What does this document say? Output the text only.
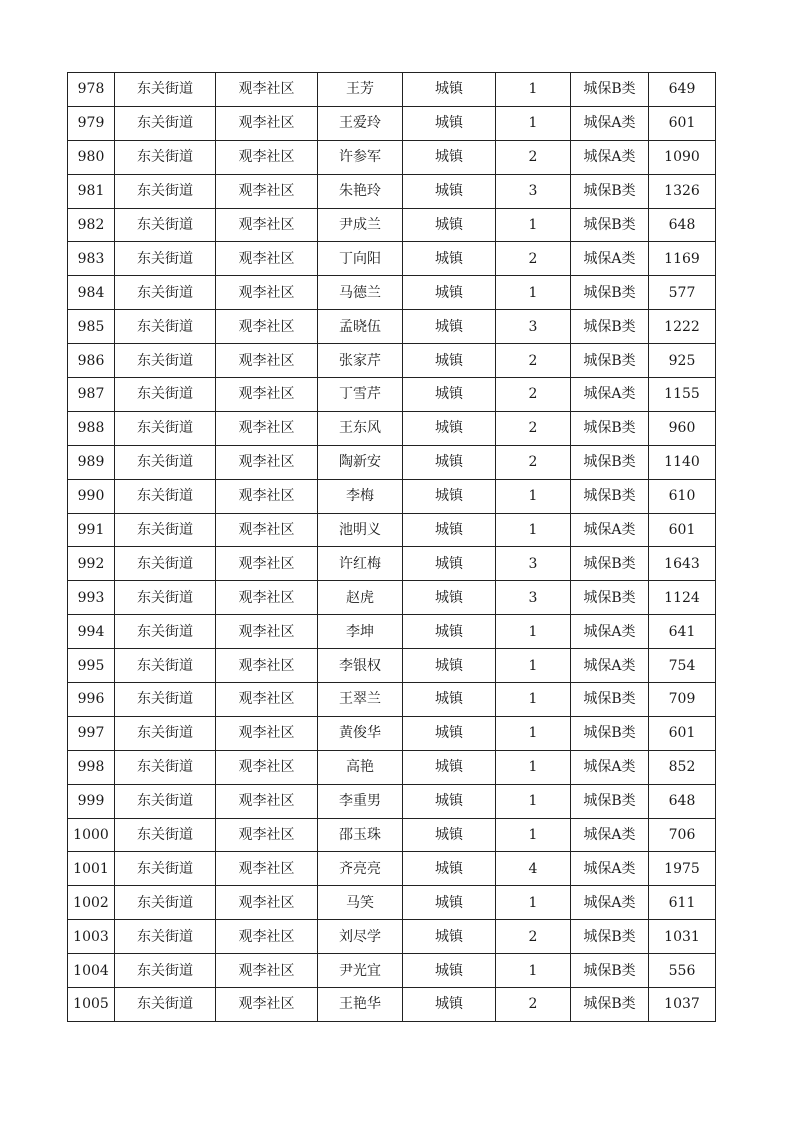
978	东关街道	观李社区	王芳	城镇	1	城保B类	649
979	东关街道	观李社区	王爱玲	城镇	1	城保A类	601
980	东关街道	观李社区	许参军	城镇	2	城保A类	1090
981	东关街道	观李社区	朱艳玲	城镇	3	城保B类	1326
982	东关街道	观李社区	尹成兰	城镇	1	城保B类	648
983	东关街道	观李社区	丁向阳	城镇	2	城保A类	1169
984	东关街道	观李社区	马德兰	城镇	1	城保B类	577
985	东关街道	观李社区	孟晓伍	城镇	3	城保B类	1222
986	东关街道	观李社区	张家芹	城镇	2	城保B类	925
987	东关街道	观李社区	丁雪芹	城镇	2	城保A类	1155
988	东关街道	观李社区	王东风	城镇	2	城保B类	960
989	东关街道	观李社区	陶新安	城镇	2	城保B类	1140
990	东关街道	观李社区	李梅	城镇	1	城保B类	610
991	东关街道	观李社区	池明义	城镇	1	城保A类	601
992	东关街道	观李社区	许红梅	城镇	3	城保B类	1643
993	东关街道	观李社区	赵虎	城镇	3	城保B类	1124
994	东关街道	观李社区	李坤	城镇	1	城保A类	641
995	东关街道	观李社区	李银权	城镇	1	城保A类	754
996	东关街道	观李社区	王翠兰	城镇	1	城保B类	709
997	东关街道	观李社区	黄俊华	城镇	1	城保B类	601
998	东关街道	观李社区	高艳	城镇	1	城保A类	852
999	东关街道	观李社区	李重男	城镇	1	城保B类	648
1000	东关街道	观李社区	邵玉珠	城镇	1	城保A类	706
1001	东关街道	观李社区	齐亮亮	城镇	4	城保A类	1975
1002	东关街道	观李社区	马笑	城镇	1	城保A类	611
1003	东关街道	观李社区	刘尽学	城镇	2	城保B类	1031
1004	东关街道	观李社区	尹光宜	城镇	1	城保B类	556
1005	东关街道	观李社区	王艳华	城镇	2	城保B类	1037
